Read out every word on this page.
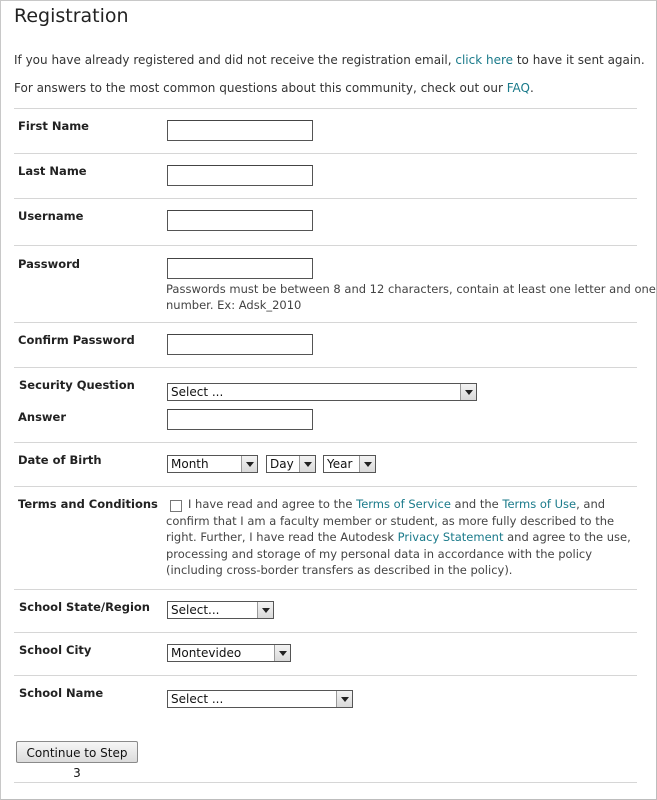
Registration
If you have already registered and did not receive the registration email, click here to have it sent again.
For answers to the most common questions about this community, check out our FAQ.
First Name
Last Name
Username
Password
Passwords must be between 8 and 12 characters, contain at least one letter and one
number. Ex: Adsk_2010
Confirm Password
Security Question	Select ...
Answer
Date of Birth	Month	Day	Year
Terms and Conditions	I have read and agree to the Terms of Service and the Terms of Use, and confirm that I am a faculty member or student, as more fully described to the right. Further, I have read the Autodesk Privacy Statement and agree to the use, processing and storage of my personal data in accordance with the policy (including cross-border transfers as described in the policy).
School State/Region	Select...
School City	Montevideo
School Name	Select ...
Continue to Step 3
